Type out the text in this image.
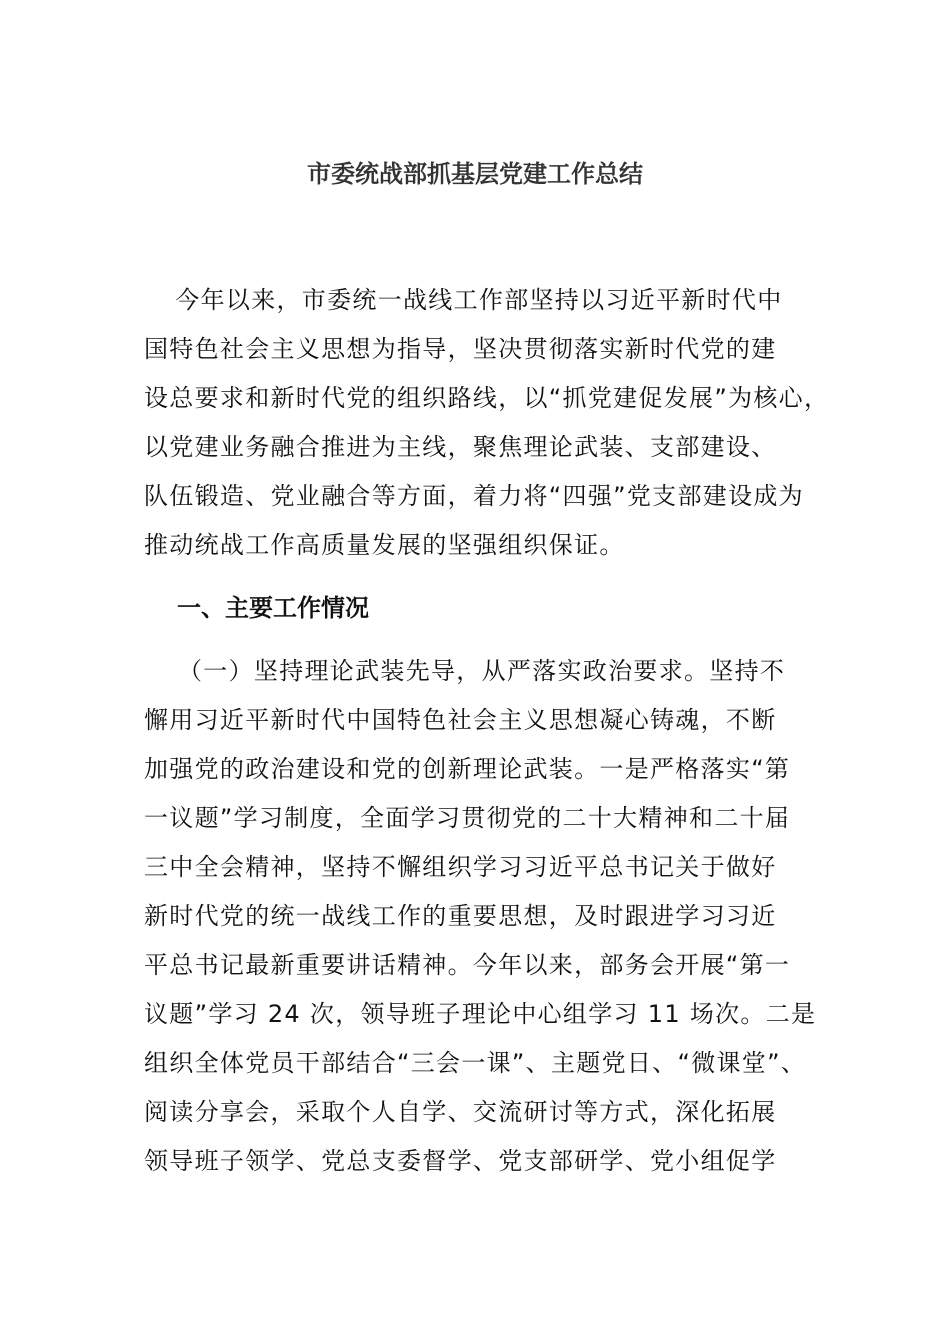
市委统战部抓基层党建工作总结
　今年以来，市委统一战线工作部坚持以习近平新时代中
国特色社会主义思想为指导，坚决贯彻落实新时代党的建
设总要求和新时代党的组织路线，以“抓党建促发展”为核心，
以党建业务融合推进为主线，聚焦理论武装、支部建设、
队伍锻造、党业融合等方面，着力将“四强”党支部建设成为
推动统战工作高质量发展的坚强组织保证。
一、主要工作情况
（一）坚持理论武装先导，从严落实政治要求。坚持不
懈用习近平新时代中国特色社会主义思想凝心铸魂，不断
加强党的政治建设和党的创新理论武装。一是严格落实“第
一议题”学习制度，全面学习贯彻党的二十大精神和二十届
三中全会精神，坚持不懈组织学习习近平总书记关于做好
新时代党的统一战线工作的重要思想，及时跟进学习习近
平总书记最新重要讲话精神。今年以来，部务会开展“第一
议题”学习 24 次，领导班子理论中心组学习 11 场次。二是
组织全体党员干部结合“三会一课”、主题党日、“微课堂”、
阅读分享会，采取个人自学、交流研讨等方式，深化拓展
领导班子领学、党总支委督学、党支部研学、党小组促学
